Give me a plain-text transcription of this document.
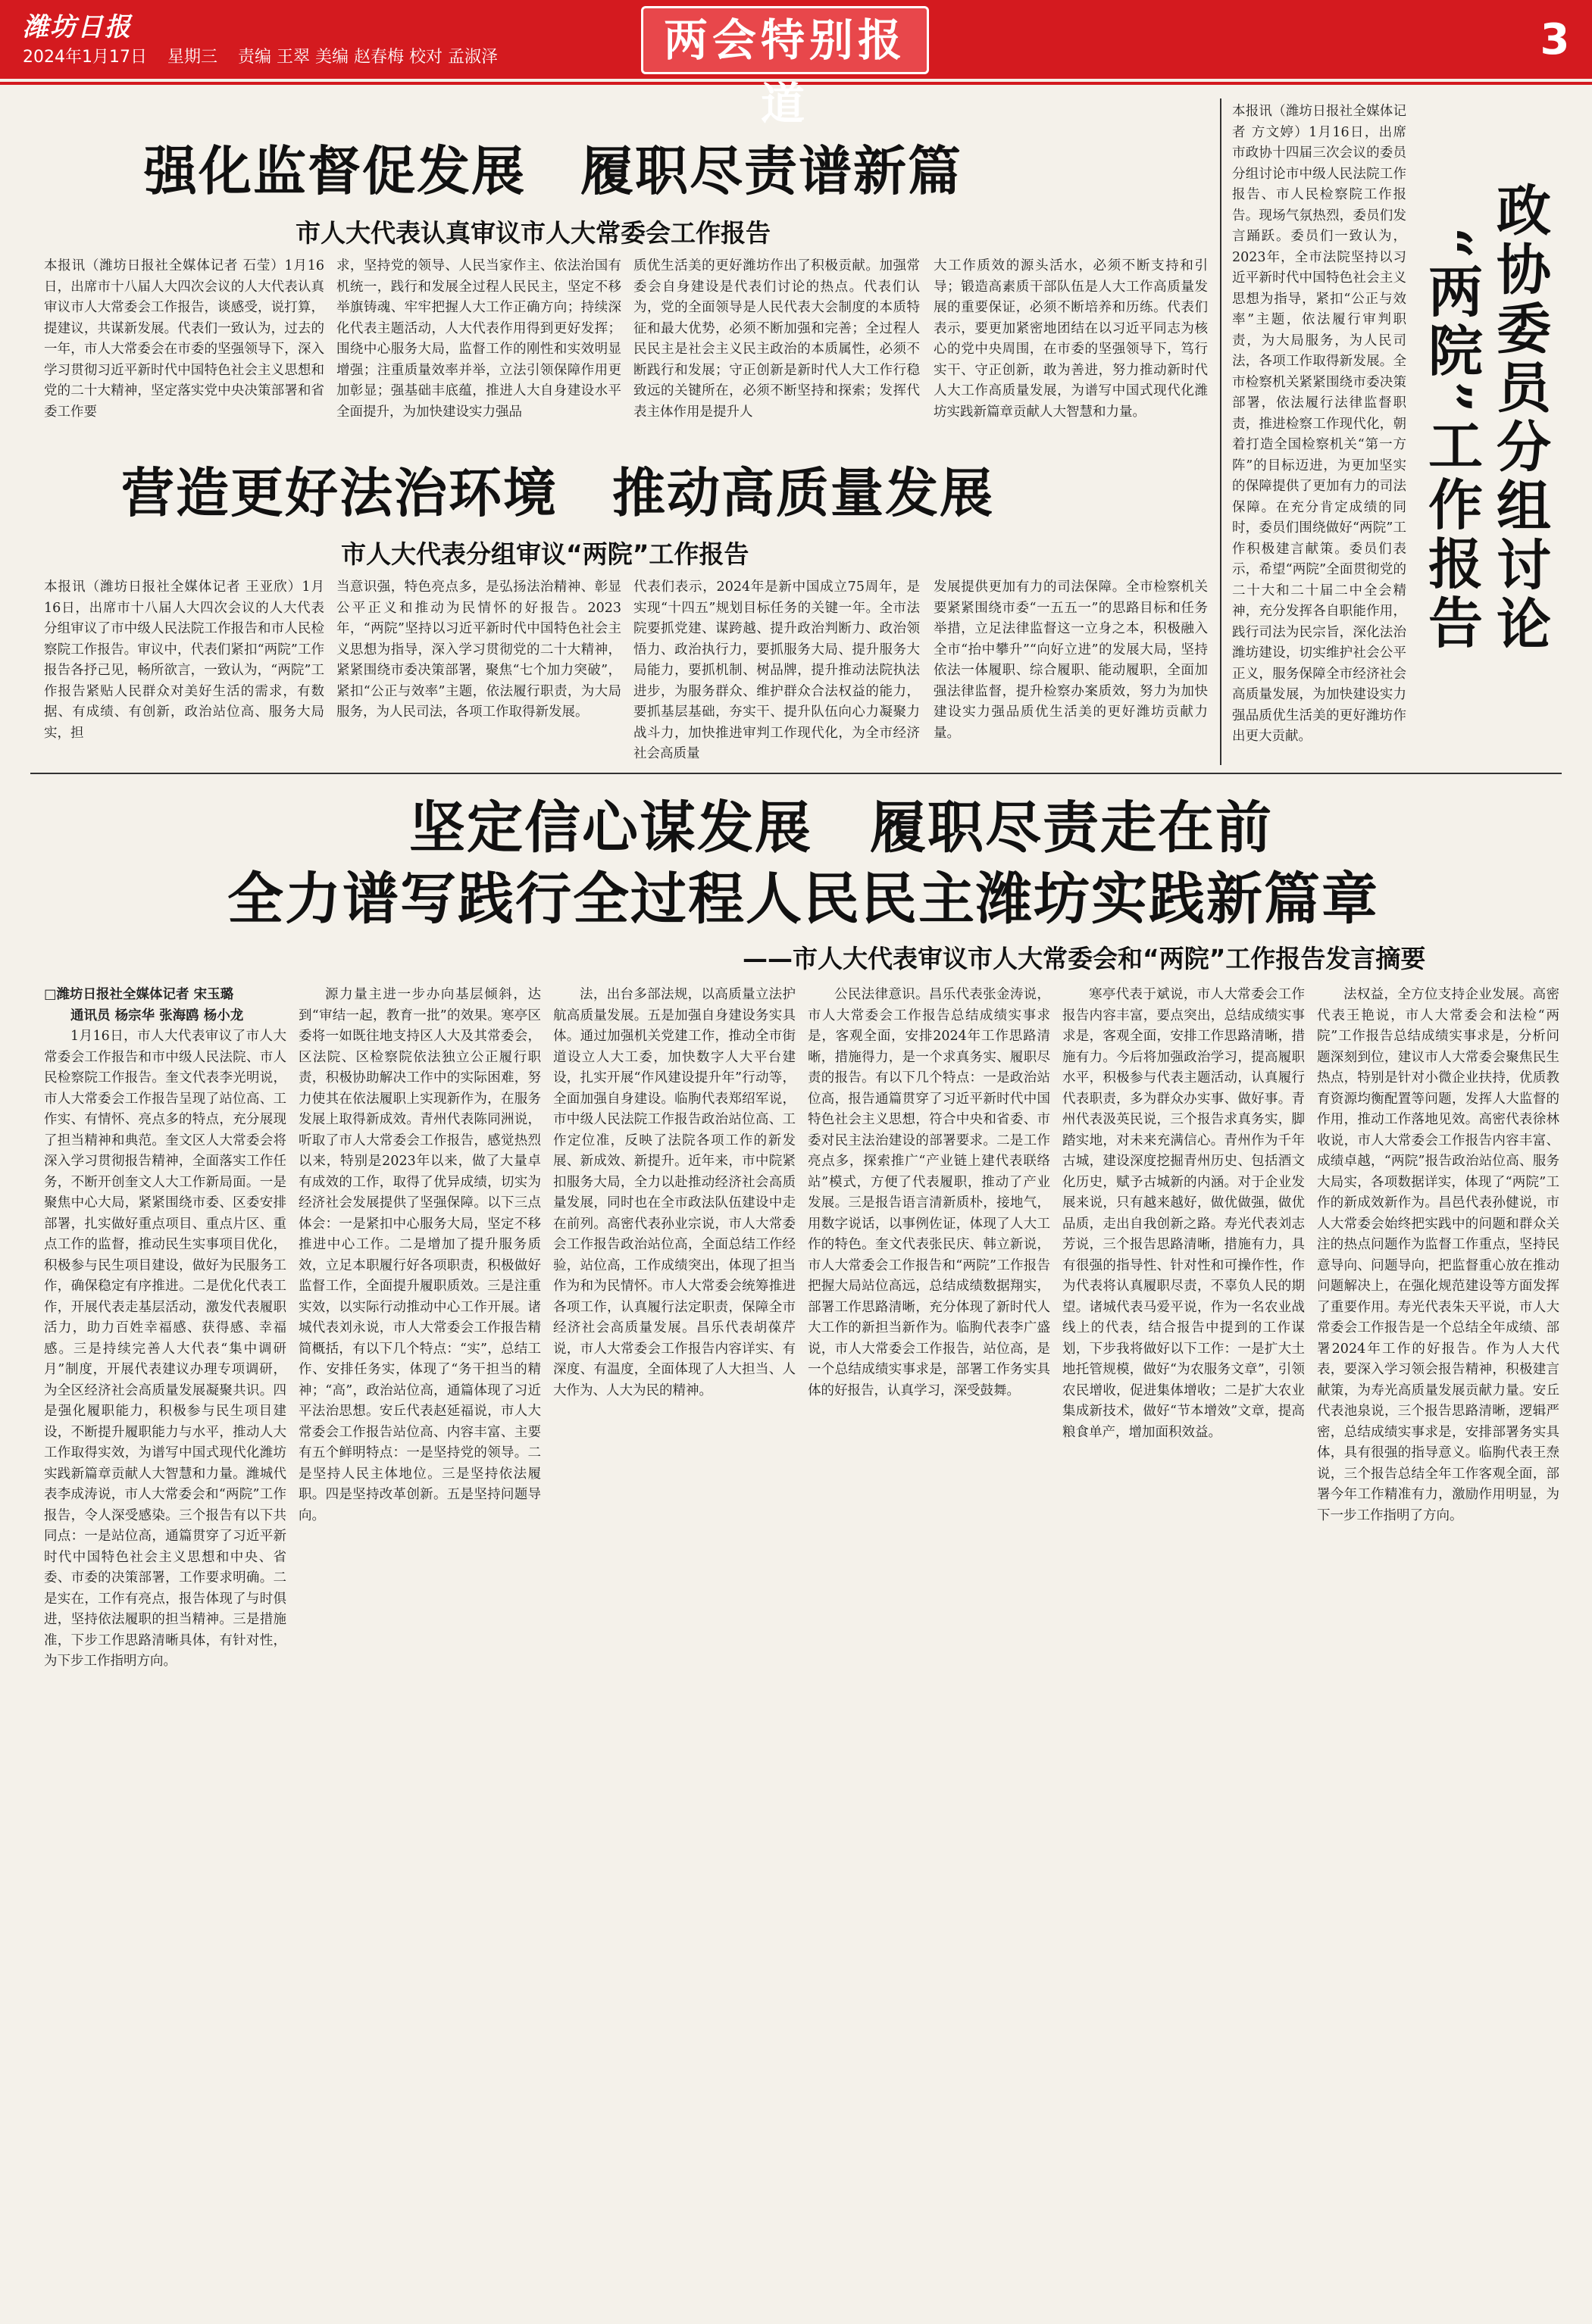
潍坊日报
2024年1月17日 星期三 责编 王翠 美编 赵春梅 校对 孟淑泽	两会特别报道
3
强化监督促发展　履职尽责谱新篇
市人大代表认真审议市人大常委会工作报告

本报讯（潍坊日报社全媒体记者 石莹）1月16日，出席市十八届人大四次会议的人大代表认真审议市人大常委会工作报告，谈感受，说打算，提建议，共谋新发展。代表们一致认为，过去的一年，市人大常委会在市委的坚强领导下，深入学习贯彻习近平新时代中国特色社会主义思想和党的二十大精神，坚定落实党中央决策部署和省委工作要

求，坚持党的领导、人民当家作主、依法治国有机统一，践行和发展全过程人民民主，坚定不移举旗铸魂、牢牢把握人大工作正确方向；持续深化代表主题活动，人大代表作用得到更好发挥；围绕中心服务大局，监督工作的刚性和实效明显增强；注重质量效率并举，立法引领保障作用更加彰显；强基础丰底蕴，推进人大自身建设水平全面提升，为加快建设实力强品

质优生活美的更好潍坊作出了积极贡献。加强常委会自身建设是代表们讨论的热点。代表们认为，党的全面领导是人民代表大会制度的本质特征和最大优势，必须不断加强和完善；全过程人民民主是社会主义民主政治的本质属性，必须不断践行和发展；守正创新是新时代人大工作行稳致远的关键所在，必须不断坚持和探索；发挥代表主体作用是提升人

大工作质效的源头活水，必须不断支持和引导；锻造高素质干部队伍是人大工作高质量发展的重要保证，必须不断培养和历练。代表们表示，要更加紧密地团结在以习近平同志为核心的党中央周围，在市委的坚强领导下，笃行实干、守正创新，敢为善进，努力推动新时代人大工作高质量发展，为谱写中国式现代化潍坊实践新篇章贡献人大智慧和力量。

营造更好法治环境　推动高质量发展
市人大代表分组审议“两院”工作报告

本报讯（潍坊日报社全媒体记者 王亚欣）1月16日，出席市十八届人大四次会议的人大代表分组审议了市中级人民法院工作报告和市人民检察院工作报告。审议中，代表们紧扣“两院”工作报告各抒己见，畅所欲言，一致认为，“两院”工作报告紧贴人民群众对美好生活的需求，有数据、有成绩、有创新，政治站位高、服务大局实，担

当意识强，特色亮点多，是弘扬法治精神、彰显公平正义和推动为民情怀的好报告。2023年，“两院”坚持以习近平新时代中国特色社会主义思想为指导，深入学习贯彻党的二十大精神，紧紧围绕市委决策部署，聚焦“七个加力突破”，紧扣“公正与效率”主题，依法履行职责，为大局服务，为人民司法，各项工作取得新发展。

代表们表示，2024年是新中国成立75周年，是实现“十四五”规划目标任务的关键一年。全市法院要抓党建、谋跨越、提升政治判断力、政治领悟力、政治执行力，要抓服务大局、提升服务大局能力，要抓机制、树品牌，提升推动法院执法进步，为服务群众、维护群众合法权益的能力，要抓基层基础，夯实干、提升队伍向心力凝聚力战斗力，加快推进审判工作现代化，为全市经济社会高质量

发展提供更加有力的司法保障。全市检察机关要紧紧围绕市委“一五五一”的思路目标和任务举措，立足法律监督这一立身之本，积极融入全市“抬中攀升”“向好立进”的发展大局，坚持依法一体履职、综合履职、能动履职，全面加强法律监督，提升检察办案质效，努力为加快建设实力强品质优生活美的更好潍坊贡献力量。

本报讯（潍坊日报社全媒体记者 方文婷）1月16日，出席市政协十四届三次会议的委员分组讨论市中级人民法院工作报告、市人民检察院工作报告。现场气氛热烈，委员们发言踊跃。委员们一致认为，2023年，全市法院坚持以习近平新时代中国特色社会主义思想为指导，紧扣“公正与效率”主题，依法履行审判职责，为大局服务，为人民司法，各项工作取得新发展。全市检察机关紧紧围绕市委决策部署，依法履行法律监督职责，推进检察工作现代化，朝着打造全国检察机关“第一方阵”的目标迈进，为更加坚实的保障提供了更加有力的司法保障。在充分肯定成绩的同时，委员们围绕做好“两院”工作积极建言献策。委员们表示，希望“两院”全面贯彻党的二十大和二十届二中全会精神，充分发挥各自职能作用，践行司法为民宗旨，深化法治潍坊建设，切实维护社会公平正义，服务保障全市经济社会高质量发展，为加快建设实力强品质优生活美的更好潍坊作出更大贡献。

政协委员分组讨论
“两院”工作报告
坚定信心谋发展　履职尽责走在前
全力谱写践行全过程人民民主潍坊实践新篇章
——市人大代表审议市人大常委会和“两院”工作报告发言摘要

□潍坊日报社全媒体记者 宋玉璐

通讯员 杨宗华 张海鸥 杨小龙

1月16日，市人大代表审议了市人大常委会工作报告和市中级人民法院、市人民检察院工作报告。奎文代表李光明说，市人大常委会工作报告呈现了站位高、工作实、有情怀、亮点多的特点，充分展现了担当精神和典范。奎文区人大常委会将深入学习贯彻报告精神，全面落实工作任务，不断开创奎文人大工作新局面。一是聚焦中心大局，紧紧围绕市委、区委安排部署，扎实做好重点项目、重点片区、重点工作的监督，推动民生实事项目优化，积极参与民生项目建设，做好为民服务工作，确保稳定有序推进。二是优化代表工作，开展代表走基层活动，激发代表履职活力，助力百姓幸福感、获得感、幸福感。三是持续完善人大代表“集中调研月”制度，开展代表建议办理专项调研，为全区经济社会高质量发展凝聚共识。四是强化履职能力，积极参与民生项目建设，不断提升履职能力与水平，推动人大工作取得实效，为谱写中国式现代化潍坊实践新篇章贡献人大智慧和力量。潍城代表李成涛说，市人大常委会和“两院”工作报告，令人深受感染。三个报告有以下共同点：一是站位高，通篇贯穿了习近平新时代中国特色社会主义思想和中央、省委、市委的决策部署，工作要求明确。二是实在，工作有亮点，报告体现了与时俱进，坚持依法履职的担当精神。三是措施准，下步工作思路清晰具体，有针对性，为下步工作指明方向。

源力量主进一步办向基层倾斜，达到“审结一起，教育一批”的效果。寒亭区委将一如既往地支持区人大及其常委会，区法院、区检察院依法独立公正履行职责，积极协助解决工作中的实际困难，努力使其在依法履职上实现新作为，在服务发展上取得新成效。青州代表陈同洲说，听取了市人大常委会工作报告，感觉热烈以来，特别是2023年以来，做了大量卓有成效的工作，取得了优异成绩，切实为经济社会发展提供了坚强保障。以下三点体会：一是紧扣中心服务大局，坚定不移推进中心工作。二是增加了提升服务质效，立足本职履行好各项职责，积极做好监督工作，全面提升履职质效。三是注重实效，以实际行动推动中心工作开展。诸城代表刘永说，市人大常委会工作报告精简概括，有以下几个特点：“实”，总结工作、安排任务实，体现了“务干担当的精神；“高”，政治站位高，通篇体现了习近平法治思想。安丘代表赵延福说，市人大常委会工作报告站位高、内容丰富、主要有五个鲜明特点：一是坚持党的领导。二是坚持人民主体地位。三是坚持依法履职。四是坚持改革创新。五是坚持问题导向。

法，出台多部法规，以高质量立法护航高质量发展。五是加强自身建设务实具体。通过加强机关党建工作，推动全市街道设立人大工委，加快数字人大平台建设，扎实开展“作风建设提升年”行动等，全面加强自身建设。临朐代表郑绍军说，市中级人民法院工作报告政治站位高、工作定位准，反映了法院各项工作的新发展、新成效、新提升。近年来，市中院紧扣服务大局，全力以赴推动经济社会高质量发展，同时也在全市政法队伍建设中走在前列。高密代表孙业宗说，市人大常委会工作报告政治站位高，全面总结工作经验，站位高，工作成绩突出，体现了担当作为和为民情怀。市人大常委会统筹推进各项工作，认真履行法定职责，保障全市经济社会高质量发展。昌乐代表胡葆芹说，市人大常委会工作报告内容详实、有深度、有温度，全面体现了人大担当、人大作为、人大为民的精神。

公民法律意识。昌乐代表张金涛说，市人大常委会工作报告总结成绩实事求是，客观全面，安排2024年工作思路清晰，措施得力，是一个求真务实、履职尽责的报告。有以下几个特点：一是政治站位高，报告通篇贯穿了习近平新时代中国特色社会主义思想，符合中央和省委、市委对民主法治建设的部署要求。二是工作亮点多，探索推广“产业链上建代表联络站”模式，方便了代表履职，推动了产业发展。三是报告语言清新质朴，接地气，用数字说话，以事例佐证，体现了人大工作的特色。奎文代表张民庆、韩立新说，市人大常委会工作报告和“两院”工作报告把握大局站位高远，总结成绩数据翔实，部署工作思路清晰，充分体现了新时代人大工作的新担当新作为。临朐代表李广盛说，市人大常委会工作报告，站位高，是一个总结成绩实事求是，部署工作务实具体的好报告，认真学习，深受鼓舞。

寒亭代表于斌说，市人大常委会工作报告内容丰富，要点突出，总结成绩实事求是，客观全面，安排工作思路清晰，措施有力。今后将加强政治学习，提高履职水平，积极参与代表主题活动，认真履行代表职责，多为群众办实事、做好事。青州代表汲英民说，三个报告求真务实，脚踏实地，对未来充满信心。青州作为千年古城，建设深度挖掘青州历史、包括酒文化历史，赋予古城新的内涵。对于企业发展来说，只有越来越好，做优做强，做优品质，走出自我创新之路。寿光代表刘志芳说，三个报告思路清晰，措施有力，具有很强的指导性、针对性和可操作性，作为代表将认真履职尽责，不辜负人民的期望。诸城代表马爱平说，作为一名农业战线上的代表，结合报告中提到的工作谋划，下步我将做好以下工作：一是扩大土地托管规模，做好“为农服务文章”，引领农民增收，促进集体增收；二是扩大农业集成新技术，做好“节本增效”文章，提高粮食单产，增加面积效益。

法权益，全方位支持企业发展。高密代表王艳说，市人大常委会和法检“两院”工作报告总结成绩实事求是，分析问题深刻到位，建议市人大常委会聚焦民生热点，特别是针对小微企业扶持，优质教育资源均衡配置等问题，发挥人大监督的作用，推动工作落地见效。高密代表徐林收说，市人大常委会工作报告内容丰富、成绩卓越，“两院”报告政治站位高、服务大局实，各项数据详实，体现了“两院”工作的新成效新作为。昌邑代表孙健说，市人大常委会始终把实践中的问题和群众关注的热点问题作为监督工作重点，坚持民意导向、问题导向，把监督重心放在推动问题解决上，在强化规范建设等方面发挥了重要作用。寿光代表朱天平说，市人大常委会工作报告是一个总结全年成绩、部署2024年工作的好报告。作为人大代表，要深入学习领会报告精神，积极建言献策，为寿光高质量发展贡献力量。安丘代表池泉说，三个报告思路清晰，逻辑严密，总结成绩实事求是，安排部署务实具体，具有很强的指导意义。临朐代表王焘说，三个报告总结全年工作客观全面，部署今年工作精准有力，激励作用明显，为下一步工作指明了方向。
